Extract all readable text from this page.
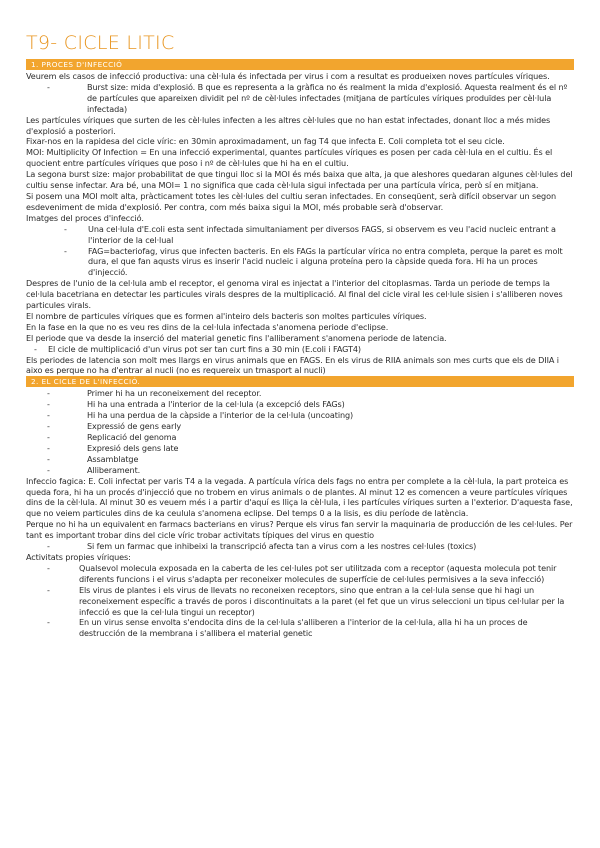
T9- CICLE LITIC
1. PROCES D'INFECCIÓ

Veurem els casos de infecció productiva: una cèl·lula és infectada per virus i com a resultat es produeixen noves partícules víriques.

-	Burst size: mida d'explosió. B que es representa a la gràfica no és realment la mida d'explosió. Aquesta realment és el nº de partícules que apareixen dividit pel nº de cèl·lules infectades (mitjana de partícules víriques produïdes per cèl·lula infectada)

Les partícules víriques que surten de les cèl·lules infecten a les altres cèl·lules que no han estat infectades, donant lloc a més mides d'explosió a posteriori.

Fixar-nos en la rapidesa del cicle víric: en 30min aproximadament, un fag T4 que infecta E. Coli completa tot el seu cicle.

MOI: Multiplicity Of Infection = En una infecció experimental, quantes partícules víriques es posen per cada cèl·lula en el cultiu. És el quocient entre partícules víriques que poso i nº de cèl·lules que hi ha en el cultiu.

La segona burst size: major probabilitat de que tingui lloc si la MOI és més baixa que alta, ja que aleshores quedaran algunes cèl·lules del cultiu sense infectar. Ara bé, una MOI= 1 no significa que cada cèl·lula sigui infectada per una partícula vírica, però sí en mitjana.

Si posem una MOI molt alta, pràcticament totes les cèl·lules del cultiu seran infectades. En conseqüent, serà difícil observar un segon esdeveniment de mida d'explosió. Per contra, com més baixa sigui la MOI, més probable serà d'observar.

Imatges del proces d'infecció.

-	Una cel·lula d'E.coli esta sent infectada simultaniament per diversos FAGS, si observem es veu l'acid nucleic entrant a l'interior de la cel·lual
-	FAG=bacteriofag, virus que infecten bacteris. En els FAGs la partícular vírica no entra completa, perque la paret es molt dura, el que fan aqusts virus es inserir l'acid nucleic i alguna proteína pero la càpside queda fora. Hi ha un proces d'injecció.

Despres de l'unio de la cel·lula amb el receptor, el genoma viral es injectat a l'interior del citoplasmas. Tarda un periode de temps la cel·lula bacetriana en detectar les particules virals despres de la multiplicació. Al final del cicle viral les cel·lule sisien i s'alliberen noves particules virals.

El nombre de particules víriques que es formen al'inteiro dels bacteris son moltes particules víriques.

En la fase en la que no es veu res dins de la cel·lula infectada s'anomena periode d'eclipse.

El periode que va desde la inserció del material genetic fins l'alliberament s'anomena periode de latencia.

-	El cicle de multiplicació d'un virus pot ser tan curt fins a 30 min (E.coli i FAGT4)

Els periodes de latencia son molt mes llargs en virus animals que en FAGS. En els virus de RIIA animals son mes curts que els de DIIA i aixo es perque no ha d'entrar al nucli (no es requereix un trnasport al nucli)

2. EL CICLE DE L'INFECCIÓ.
-	Primer hi ha un reconeixement del receptor.
-	Hi ha una entrada a l'interior de la cel·lula (a excepció dels FAGs)
-	Hi ha una perdua de la càpside a l'interior de la cel·lula (uncoating)
-	Expressió de gens early
-	Replicació del genoma
-	Expresió dels gens late
-	Assamblatge
-	Alliberament.

Infeccio fagica: E. Coli infectat per varis T4 a la vegada. A partícula vírica dels fags no entra per complete a la cèl·lula, la part proteica es queda fora, hi ha un procés d'injecció que no trobem en virus animals o de plantes. Al minut 12 es comencen a veure partícules víriques dins de la cèl·lula. Al minut 30 es veuem més i a partir d'aquí es lliça la cèl·lula, i les partícules víriques surten a l'exterior. D'aquesta fase, que no veiem particules dins de ka ceulula s'anomena eclipse. Del temps 0 a la lisis, es diu període de latència.

Perque no hi ha un equivalent en farmacs bacterians en virus? Perque els virus fan servir la maquinaria de producción de les cel·lules. Per tant es important trobar dins del cicle víric trobar activitats típiques del virus en questio

-	Si fem un farmac que inhibeixi la transcripció afecta tan a virus com a les nostres cel·lules (toxics)

Activitats propies víriques:

-	Qualsevol molecula exposada en la caberta de les cel·lules pot ser utilitzada com a receptor (aquesta molecula pot tenir diferents funcions i el virus s'adapta per reconeixer molecules de superfície de cel·lules permisives a la seva infecció)
-	Els virus de plantes i els virus de llevats no reconeixen receptors, sino que entran a la cel·lula sense que hi hagi un reconeixement específic a través de poros i discontinuitats a la paret (el fet que un virus seleccioni un tipus cel·lular per la infecció es que la cel·lula tingui un receptor)
-	En un virus sense envolta s'endocita dins de la cel·lula s'alliberen a l'interior de la cel·lula, alla hi ha un proces de destrucción de la membrana i s'allibera el material genetic
